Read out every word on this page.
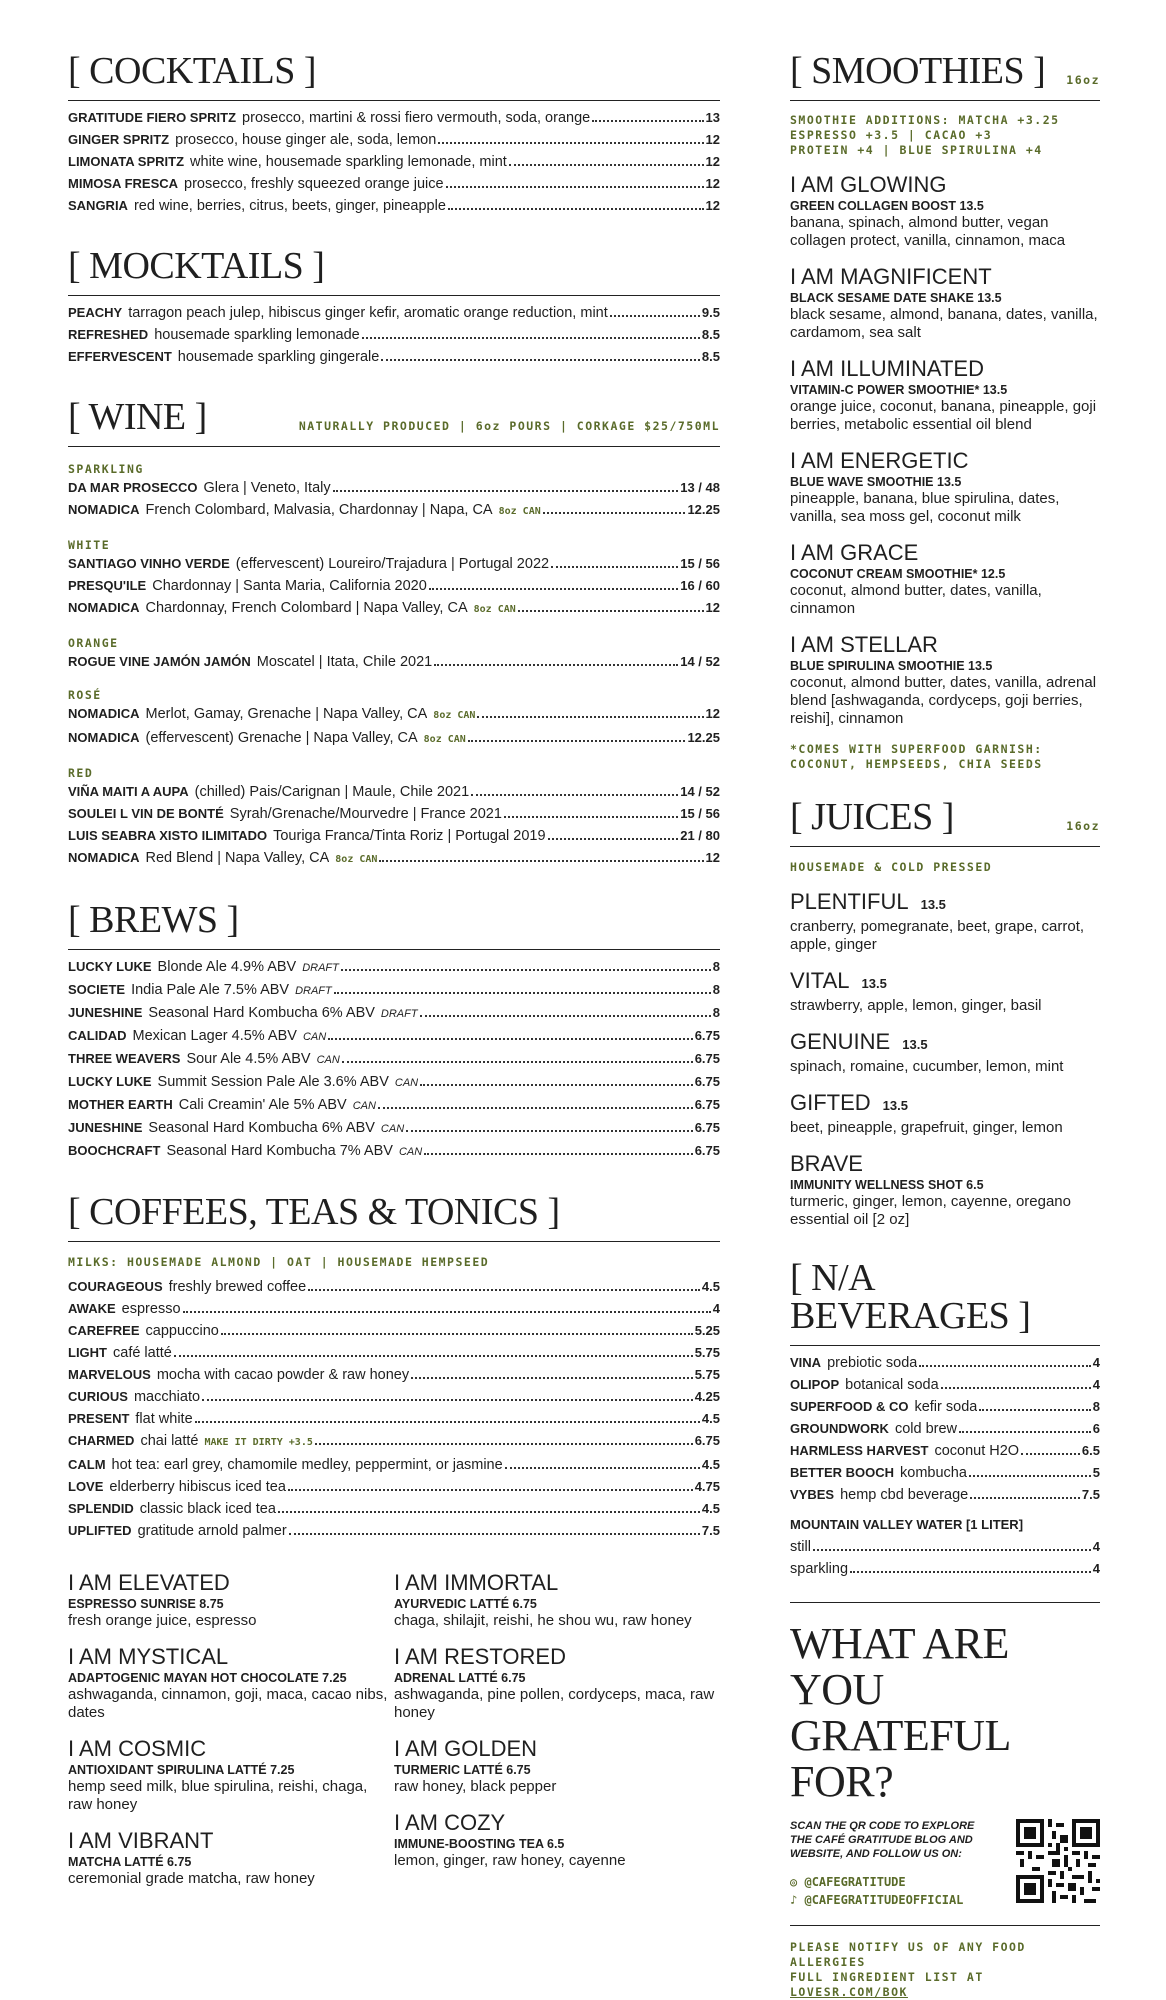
[ COCKTAILS ]
GRATITUDE FIERO SPRITZ prosecco, martini & rossi fiero vermouth, soda, orange	13
GINGER SPRITZ prosecco, house ginger ale, soda, lemon	12
LIMONATA SPRITZ white wine, housemade sparkling lemonade, mint	12
MIMOSA FRESCA prosecco, freshly squeezed orange juice	12
SANGRIA red wine, berries, citrus, beets, ginger, pineapple	12
[ MOCKTAILS ]
PEACHY tarragon peach julep, hibiscus ginger kefir, aromatic orange reduction, mint	9.5
REFRESHED housemade sparkling lemonade	8.5
EFFERVESCENT housemade sparkling gingerale	8.5
[ WINE ]	NATURALLY PRODUCED | 6oz POURS | CORKAGE $25/750ML
SPARKLING
DA MAR PROSECCO Glera | Veneto, Italy	13 / 48
NOMADICA French Colombard, Malvasia, Chardonnay | Napa, CA 8oz CAN	12.25
WHITE
SANTIAGO VINHO VERDE (effervescent) Loureiro/Trajadura | Portugal 2022	15 / 56
PRESQU'ILE Chardonnay | Santa Maria, California 2020	16 / 60
NOMADICA Chardonnay, French Colombard | Napa Valley, CA 8oz CAN	12
ORANGE
ROGUE VINE JAMÓN JAMÓN Moscatel | Itata, Chile 2021	14 / 52
ROSÉ
NOMADICA Merlot, Gamay, Grenache | Napa Valley, CA 8oz CAN	12
NOMADICA (effervescent) Grenache | Napa Valley, CA 8oz CAN	12.25
RED
VIÑA MAITI A AUPA (chilled) Pais/Carignan | Maule, Chile 2021	14 / 52
SOULEI L VIN DE BONTÉ Syrah/Grenache/Mourvedre | France 2021	15 / 56
LUIS SEABRA XISTO ILIMITADO Touriga Franca/Tinta Roriz | Portugal 2019	21 / 80
NOMADICA Red Blend | Napa Valley, CA 8oz CAN	12
[ BREWS ]
LUCKY LUKE Blonde Ale 4.9% ABV DRAFT	8
SOCIETE India Pale Ale 7.5% ABV DRAFT	8
JUNESHINE Seasonal Hard Kombucha 6% ABV DRAFT	8
CALIDAD Mexican Lager 4.5% ABV CAN	6.75
THREE WEAVERS Sour Ale 4.5% ABV CAN	6.75
LUCKY LUKE Summit Session Pale Ale 3.6% ABV CAN	6.75
MOTHER EARTH Cali Creamin' Ale 5% ABV CAN	6.75
JUNESHINE Seasonal Hard Kombucha 6% ABV CAN	6.75
BOOCHCRAFT Seasonal Hard Kombucha 7% ABV CAN	6.75
[ COFFEES, TEAS & TONICS ]
MILKS: HOUSEMADE ALMOND | OAT | HOUSEMADE HEMPSEED
COURAGEOUS freshly brewed coffee	4.5
AWAKE espresso	4
CAREFREE cappuccino	5.25
LIGHT café latté	5.75
MARVELOUS mocha with cacao powder & raw honey	5.75
CURIOUS macchiato	4.25
PRESENT flat white	4.5
CHARMED chai latté MAKE IT DIRTY +3.5	6.75
CALM hot tea: earl grey, chamomile medley, peppermint, or jasmine	4.5
LOVE elderberry hibiscus iced tea	4.75
SPLENDID classic black iced tea	4.5
UPLIFTED gratitude arnold palmer	7.5
I AM ELEVATED
ESPRESSO SUNRISE 8.75
fresh orange juice, espresso
I AM MYSTICAL
ADAPTOGENIC MAYAN HOT CHOCOLATE 7.25
ashwaganda, cinnamon, goji, maca, cacao nibs, dates
I AM COSMIC
ANTIOXIDANT SPIRULINA LATTÉ 7.25
hemp seed milk, blue spirulina, reishi, chaga, raw honey
I AM VIBRANT
MATCHA LATTÉ 6.75
ceremonial grade matcha, raw honey
I AM IMMORTAL
AYURVEDIC LATTÉ 6.75
chaga, shilajit, reishi, he shou wu, raw honey
I AM RESTORED
ADRENAL LATTÉ 6.75
ashwaganda, pine pollen, cordyceps, maca, raw honey
I AM GOLDEN
TURMERIC LATTÉ 6.75
raw honey, black pepper
I AM COZY
IMMUNE-BOOSTING TEA 6.5
lemon, ginger, raw honey, cayenne
[ SMOOTHIES ] 16oz
SMOOTHIE ADDITIONS: MATCHA +3.25
ESPRESSO +3.5 | CACAO +3
PROTEIN +4 | BLUE SPIRULINA +4
I AM GLOWING
GREEN COLLAGEN BOOST 13.5
banana, spinach, almond butter, vegan collagen protect, vanilla, cinnamon, maca
I AM MAGNIFICENT
BLACK SESAME DATE SHAKE 13.5
black sesame, almond, banana, dates, vanilla, cardamom, sea salt
I AM ILLUMINATED
VITAMIN-C POWER SMOOTHIE* 13.5
orange juice, coconut, banana, pineapple, goji berries, metabolic essential oil blend
I AM ENERGETIC
BLUE WAVE SMOOTHIE 13.5
pineapple, banana, blue spirulina, dates, vanilla, sea moss gel, coconut milk
I AM GRACE
COCONUT CREAM SMOOTHIE* 12.5
coconut, almond butter, dates, vanilla, cinnamon
I AM STELLAR
BLUE SPIRULINA SMOOTHIE 13.5
coconut, almond butter, dates, vanilla, adrenal blend [ashwaganda, cordyceps, goji berries, reishi], cinnamon
*COMES WITH SUPERFOOD GARNISH:
COCONUT, HEMPSEEDS, CHIA SEEDS
[ JUICES ]	16oz
HOUSEMADE & COLD PRESSED
PLENTIFUL 13.5
cranberry, pomegranate, beet, grape, carrot, apple, ginger
VITAL 13.5
strawberry, apple, lemon, ginger, basil
GENUINE 13.5
spinach, romaine, cucumber, lemon, mint
GIFTED 13.5
beet, pineapple, grapefruit, ginger, lemon
BRAVE
IMMUNITY WELLNESS SHOT 6.5
turmeric, ginger, lemon, cayenne, oregano essential oil [2 oz]
[ N/A BEVERAGES ]
VINA prebiotic soda	4
OLIPOP botanical soda	4
SUPERFOOD & CO kefir soda	8
GROUNDWORK cold brew	6
HARMLESS HARVEST coconut H2O	6.5
BETTER BOOCH kombucha	5
VYBES hemp cbd beverage	7.5
MOUNTAIN VALLEY WATER [1 LITER]
still	4
sparkling	4
WHAT ARE YOU
GRATEFUL FOR?
SCAN THE QR CODE TO EXPLORE
THE CAFÉ GRATITUDE BLOG AND
WEBSITE, AND FOLLOW US ON:
◎ @CAFEGRATITUDE
♪ @CAFEGRATITUDEOFFICIAL
PLEASE NOTIFY US OF ANY FOOD ALLERGIES
FULL INGREDIENT LIST AT LOVESR.COM/BOK
